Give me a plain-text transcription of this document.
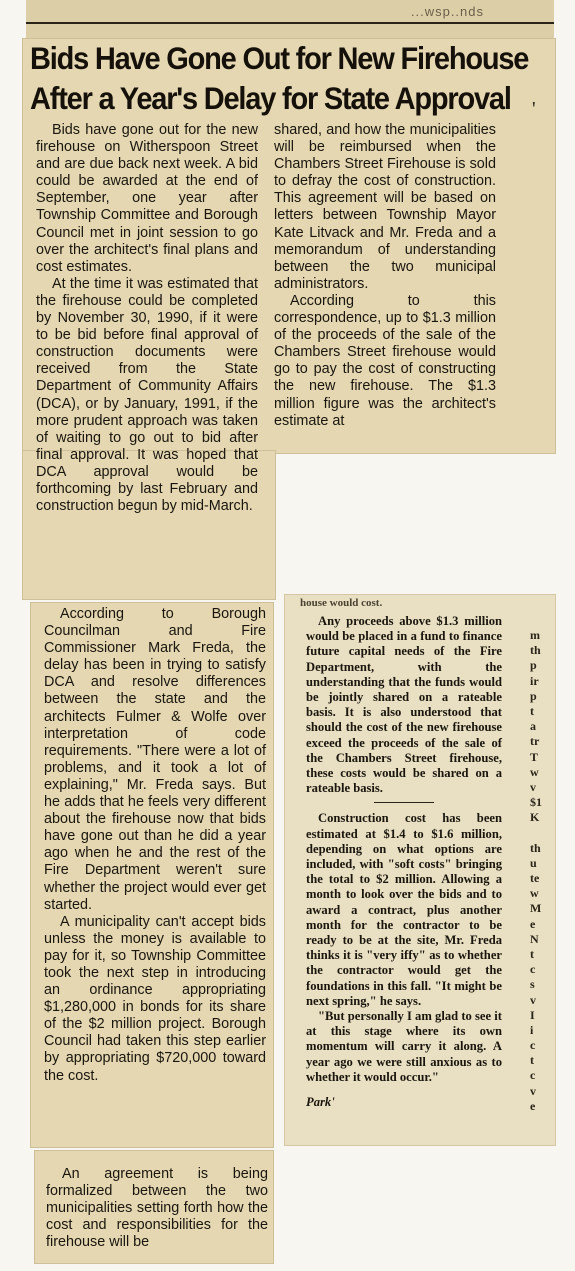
...wsp..nds
Bids Have Gone Out for New Firehouse After a Year's Delay for State Approval	'

Bids have gone out for the new firehouse on Witherspoon Street and are due back next week. A bid could be awarded at the end of September, one year after Township Committee and Borough Council met in joint session to go over the architect's final plans and cost estimates.

At the time it was estimated that the firehouse could be completed by November 30, 1990, if it were to be bid before final approval of construction documents were received from the State Department of Community Affairs (DCA), or by January, 1991, if the more prudent approach was taken of waiting to go out to bid after final approval. It was hoped that DCA approval would be forthcoming by last February and construction begun by mid-March.

shared, and how the municipalities will be reimbursed when the Chambers Street Firehouse is sold to defray the cost of construction. This agreement will be based on letters between Township Mayor Kate Litvack and Mr. Freda and a memorandum of understanding between the two municipal administrators.

According to this correspondence, up to $1.3 million of the proceeds of the sale of the Chambers Street firehouse would go to pay the cost of constructing the new firehouse. The $1.3 million figure was the architect's estimate at

According to Borough Councilman and Fire Commissioner Mark Freda, the delay has been in trying to satisfy DCA and resolve differences between the state and the architects Fulmer & Wolfe over interpretation of code requirements. "There were a lot of problems, and it took a lot of explaining," Mr. Freda says. But he adds that he feels very different about the firehouse now that bids have gone out than he did a year ago when he and the rest of the Fire Department weren't sure whether the project would ever get started.

A municipality can't accept bids unless the money is available to pay for it, so Township Committee took the next step in introducing an ordinance appropriating $1,280,000 in bonds for its share of the $2 million project. Borough Council had taken this step earlier by appropriating $720,000 toward the cost.

An agreement is being formalized between the two municipalities setting forth how the cost and responsibilities for the firehouse will be

house would cost.

Any proceeds above $1.3 million would be placed in a fund to finance future capital needs of the Fire Department, with the understanding that the funds would be jointly shared on a rateable basis. It is also understood that should the cost of the new firehouse exceed the proceeds of the sale of the Chambers Street firehouse, these costs would be shared on a rateable basis.

Construction cost has been estimated at $1.4 to $1.6 million, depending on what options are included, with "soft costs" bringing the total to $2 million. Allowing a month to look over the bids and to award a contract, plus another month for the contractor to be ready to be at the site, Mr. Freda thinks it is "very iffy" as to whether the contractor would get the foundations in this fall. "It might be next spring," he says.

"But personally I am glad to see it at this stage where its own momentum will carry it along. A year ago we were still anxious as to whether it would occur."

Park'
m
th
p
ir
p
t
a
tr
T
w
v
$1
K
th
u
te
w
M
e
N
t
c
s
v
I
i
c
t
c
v
e
